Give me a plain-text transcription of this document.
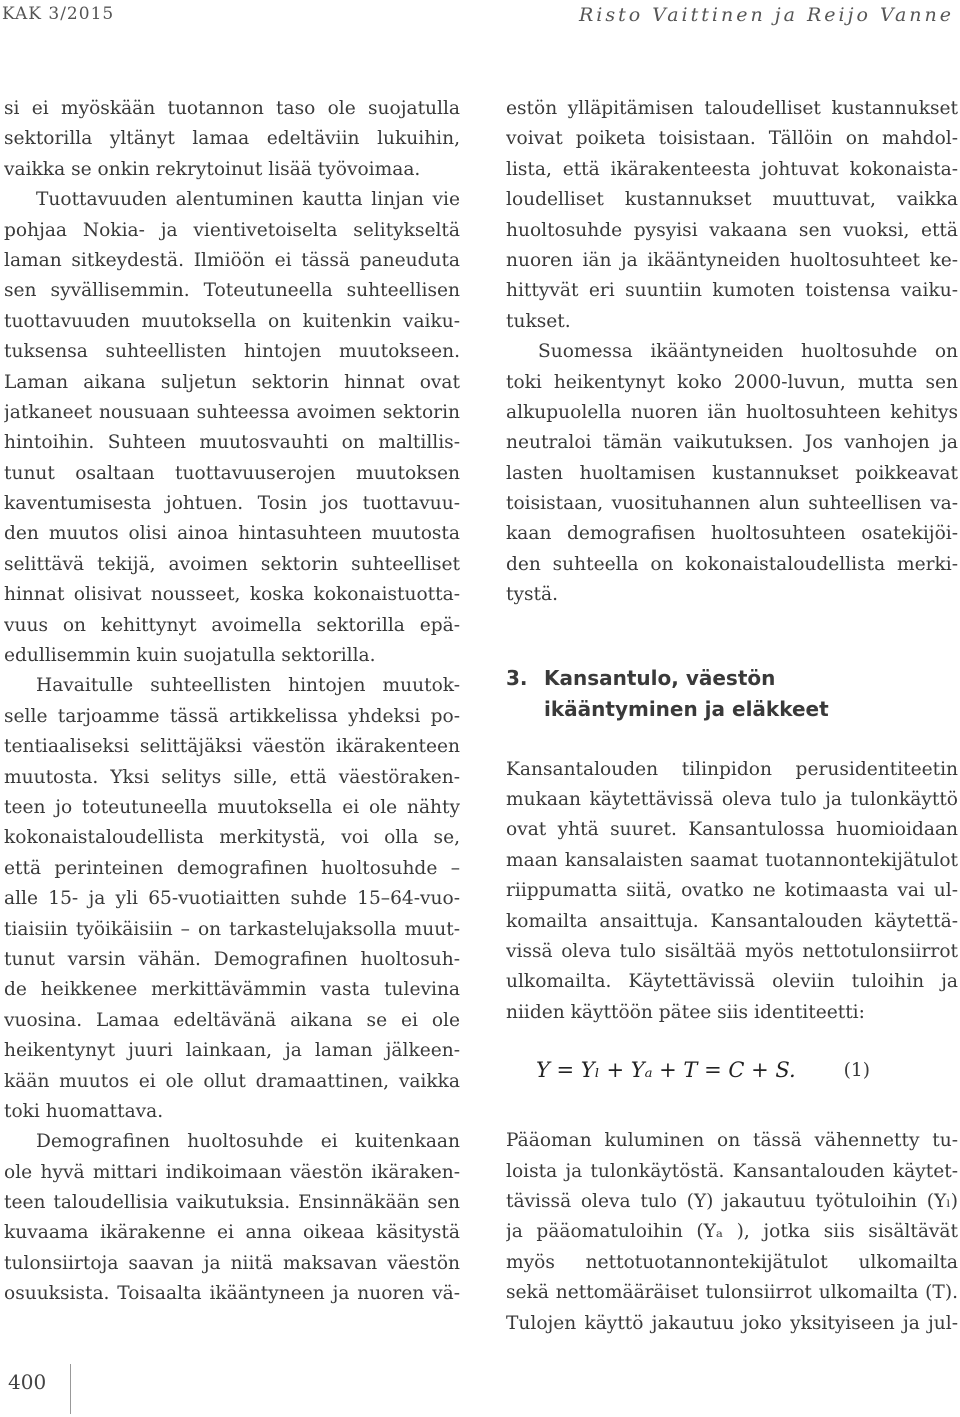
KAK 3/2015	Risto Vaittinen ja Reijo Vanne
si ei myöskään tuotannon taso ole suojatulla
sektorilla yltänyt lamaa edeltäviin lukuihin,
vaikka se onkin rekrytoinut lisää työvoimaa.
Tuottavuuden alentuminen kautta linjan vie
pohjaa Nokia- ja vientivetoiselta selitykseltä
laman sitkeydestä. Ilmiöön ei tässä paneuduta
sen syvällisemmin. Toteutuneella suhteellisen
tuottavuuden muutoksella on kuitenkin vaiku-
tuksensa suhteellisten hintojen muutokseen.
Laman aikana suljetun sektorin hinnat ovat
jatkaneet nousuaan suhteessa avoimen sektorin
hintoihin. Suhteen muutosvauhti on maltillis-
tunut osaltaan tuottavuuserojen muutoksen
kaventumisesta johtuen. Tosin jos tuottavuu-
den muutos olisi ainoa hintasuhteen muutosta
selittävä tekijä, avoimen sektorin suhteelliset
hinnat olisivat nousseet, koska kokonaistuotta-
vuus on kehittynyt avoimella sektorilla epä-
edullisemmin kuin suojatulla sektorilla.
Havaitulle suhteellisten hintojen muutok-
selle tarjoamme tässä artikkelissa yhdeksi po-
tentiaaliseksi selittäjäksi väestön ikärakenteen
muutosta. Yksi selitys sille, että väestöraken-
teen jo toteutuneella muutoksella ei ole nähty
kokonaistaloudellista merkitystä, voi olla se,
että perinteinen demografinen huoltosuhde –
alle 15- ja yli 65-vuotiaitten suhde 15–64-vuo-
tiaisiin työikäisiin – on tarkastelujaksolla muut-
tunut varsin vähän. Demografinen huoltosuh-
de heikkenee merkittävämmin vasta tulevina
vuosina. Lamaa edeltävänä aikana se ei ole
heikentynyt juuri lainkaan, ja laman jälkeen-
kään muutos ei ole ollut dramaattinen, vaikka
toki huomattava.
Demografinen huoltosuhde ei kuitenkaan
ole hyvä mittari indikoimaan väestön ikäraken-
teen taloudellisia vaikutuksia. Ensinnäkään sen
kuvaama ikärakenne ei anna oikeaa käsitystä
tulonsiirtoja saavan ja niitä maksavan väestön
osuuksista. Toisaalta ikääntyneen ja nuoren vä-
estön ylläpitämisen taloudelliset kustannukset
voivat poiketa toisistaan. Tällöin on mahdol-
lista, että ikärakenteesta johtuvat kokonaista-
loudelliset kustannukset muuttuvat, vaikka
huoltosuhde pysyisi vakaana sen vuoksi, että
nuoren iän ja ikääntyneiden huoltosuhteet ke-
hittyvät eri suuntiin kumoten toistensa vaiku-
tukset.
Suomessa ikääntyneiden huoltosuhde on
toki heikentynyt koko 2000-luvun, mutta sen
alkupuolella nuoren iän huoltosuhteen kehitys
neutraloi tämän vaikutuksen. Jos vanhojen ja
lasten huoltamisen kustannukset poikkeavat
toisistaan, vuosituhannen alun suhteellisen va-
kaan demografisen huoltosuhteen osatekijöi-
den suhteella on kokonaistaloudellista merki-
tystä.
3. Kansantulo, väestön
ikääntyminen ja eläkkeet
Kansantalouden tilinpidon perusidentiteetin
mukaan käytettävissä oleva tulo ja tulonkäyttö
ovat yhtä suuret. Kansantulossa huomioidaan
maan kansalaisten saamat tuotannontekijätulot
riippumatta siitä, ovatko ne kotimaasta vai ul-
komailta ansaittuja. Kansantalouden käytettä-
vissä oleva tulo sisältää myös nettotulonsiirrot
ulkomailta. Käytettävissä oleviin tuloihin ja
niiden käyttöön pätee siis identiteetti:
Y = Yₗ + Yₐ + T = C + S.	(1)
Pääoman kuluminen on tässä vähennetty tu-
loista ja tulonkäytöstä. Kansantalouden käytet-
tävissä oleva tulo (Y) jakautuu työtuloihin (Yₗ)
ja pääomatuloihin (Yₐ ), jotka siis sisältävät
myös nettotuotannontekijätulot ulkomailta
sekä nettomääräiset tulonsiirrot ulkomailta (T).
Tulojen käyttö jakautuu joko yksityiseen ja jul-
400
